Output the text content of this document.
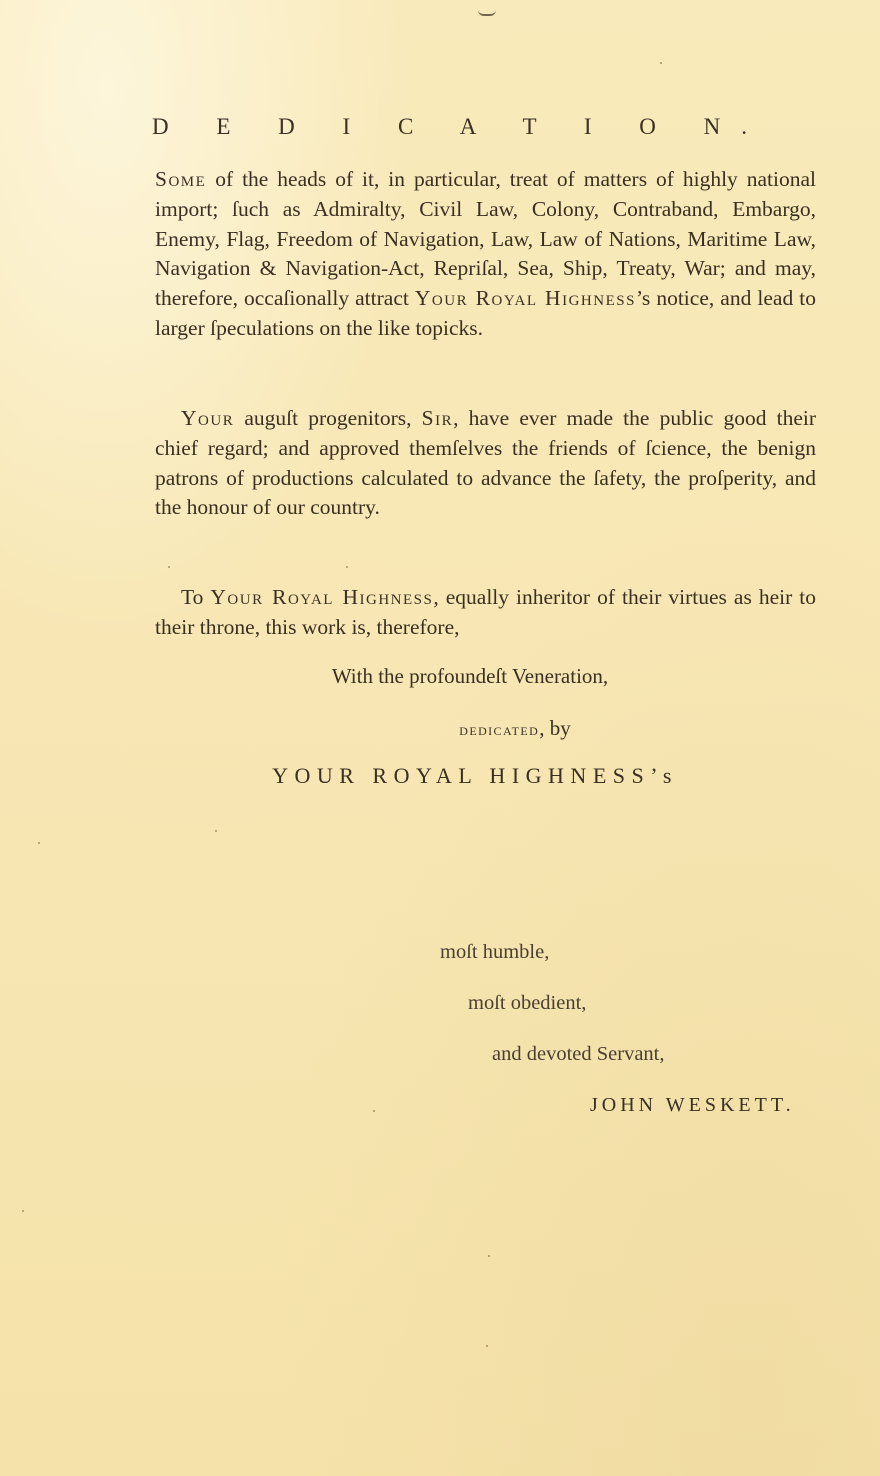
D E D I C A T I O N.
Some of the heads of it, in particular, treat of matters of highly national import; ſuch as Admiralty, Civil Law, Colony, Contraband, Embargo, Enemy, Flag, Freedom of Navigation, Law, Law of Nations, Maritime Law, Navigation & Navigation-Act, Repriſal, Sea, Ship, Treaty, War; and may, therefore, occaſionally attract Your Royal Highness’s notice, and lead to larger ſpeculations on the like topicks.
Your auguſt progenitors, Sir, have ever made the public good their chief regard; and approved themſelves the friends of ſcience, the benign patrons of productions calculated to advance the ſafety, the proſperity, and the honour of our country.
To Your Royal Highness, equally inheritor of their virtues as heir to their throne, this work is, therefore,
With the profoundeſt Veneration,
dedicated, by
YOUR ROYAL HIGHNESS’s
moſt humble,
moſt obedient,
and devoted Servant,
JOHN WESKETT.
